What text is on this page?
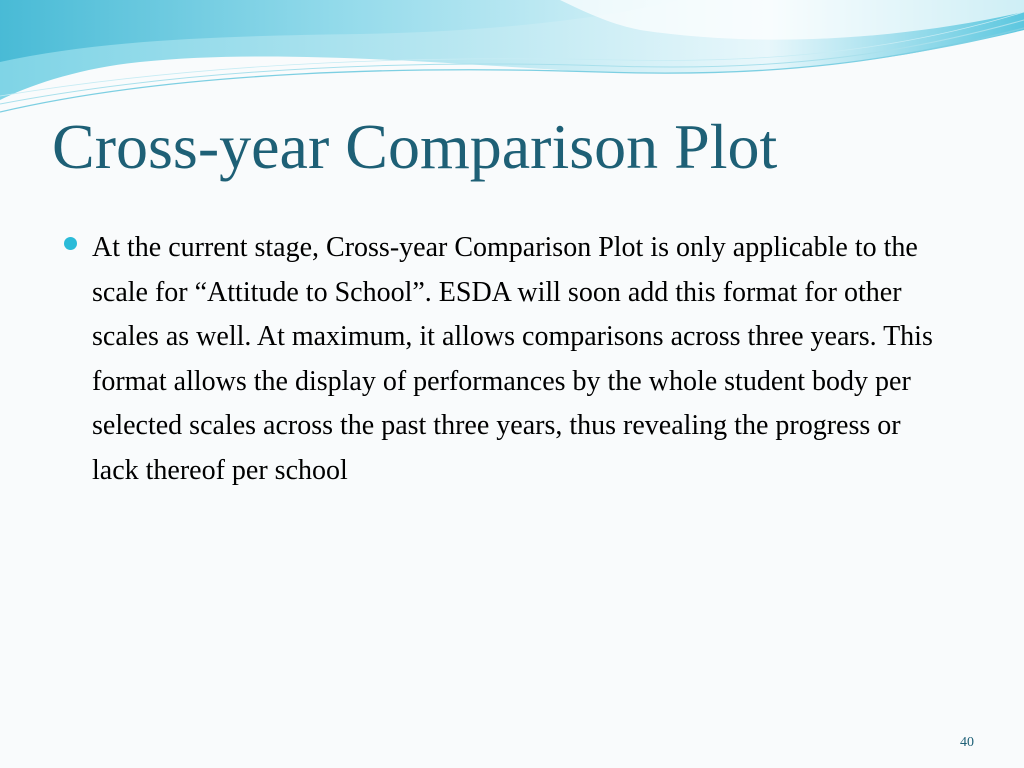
Cross-year Comparison Plot
At the current stage, Cross-year Comparison Plot is only applicable to the scale for “Attitude to School”. ESDA will soon add this format for other scales as well. At maximum, it allows comparisons across three years. This format allows the display of performances by the whole student body per selected scales across the past three years, thus revealing the progress or lack thereof per school
40
